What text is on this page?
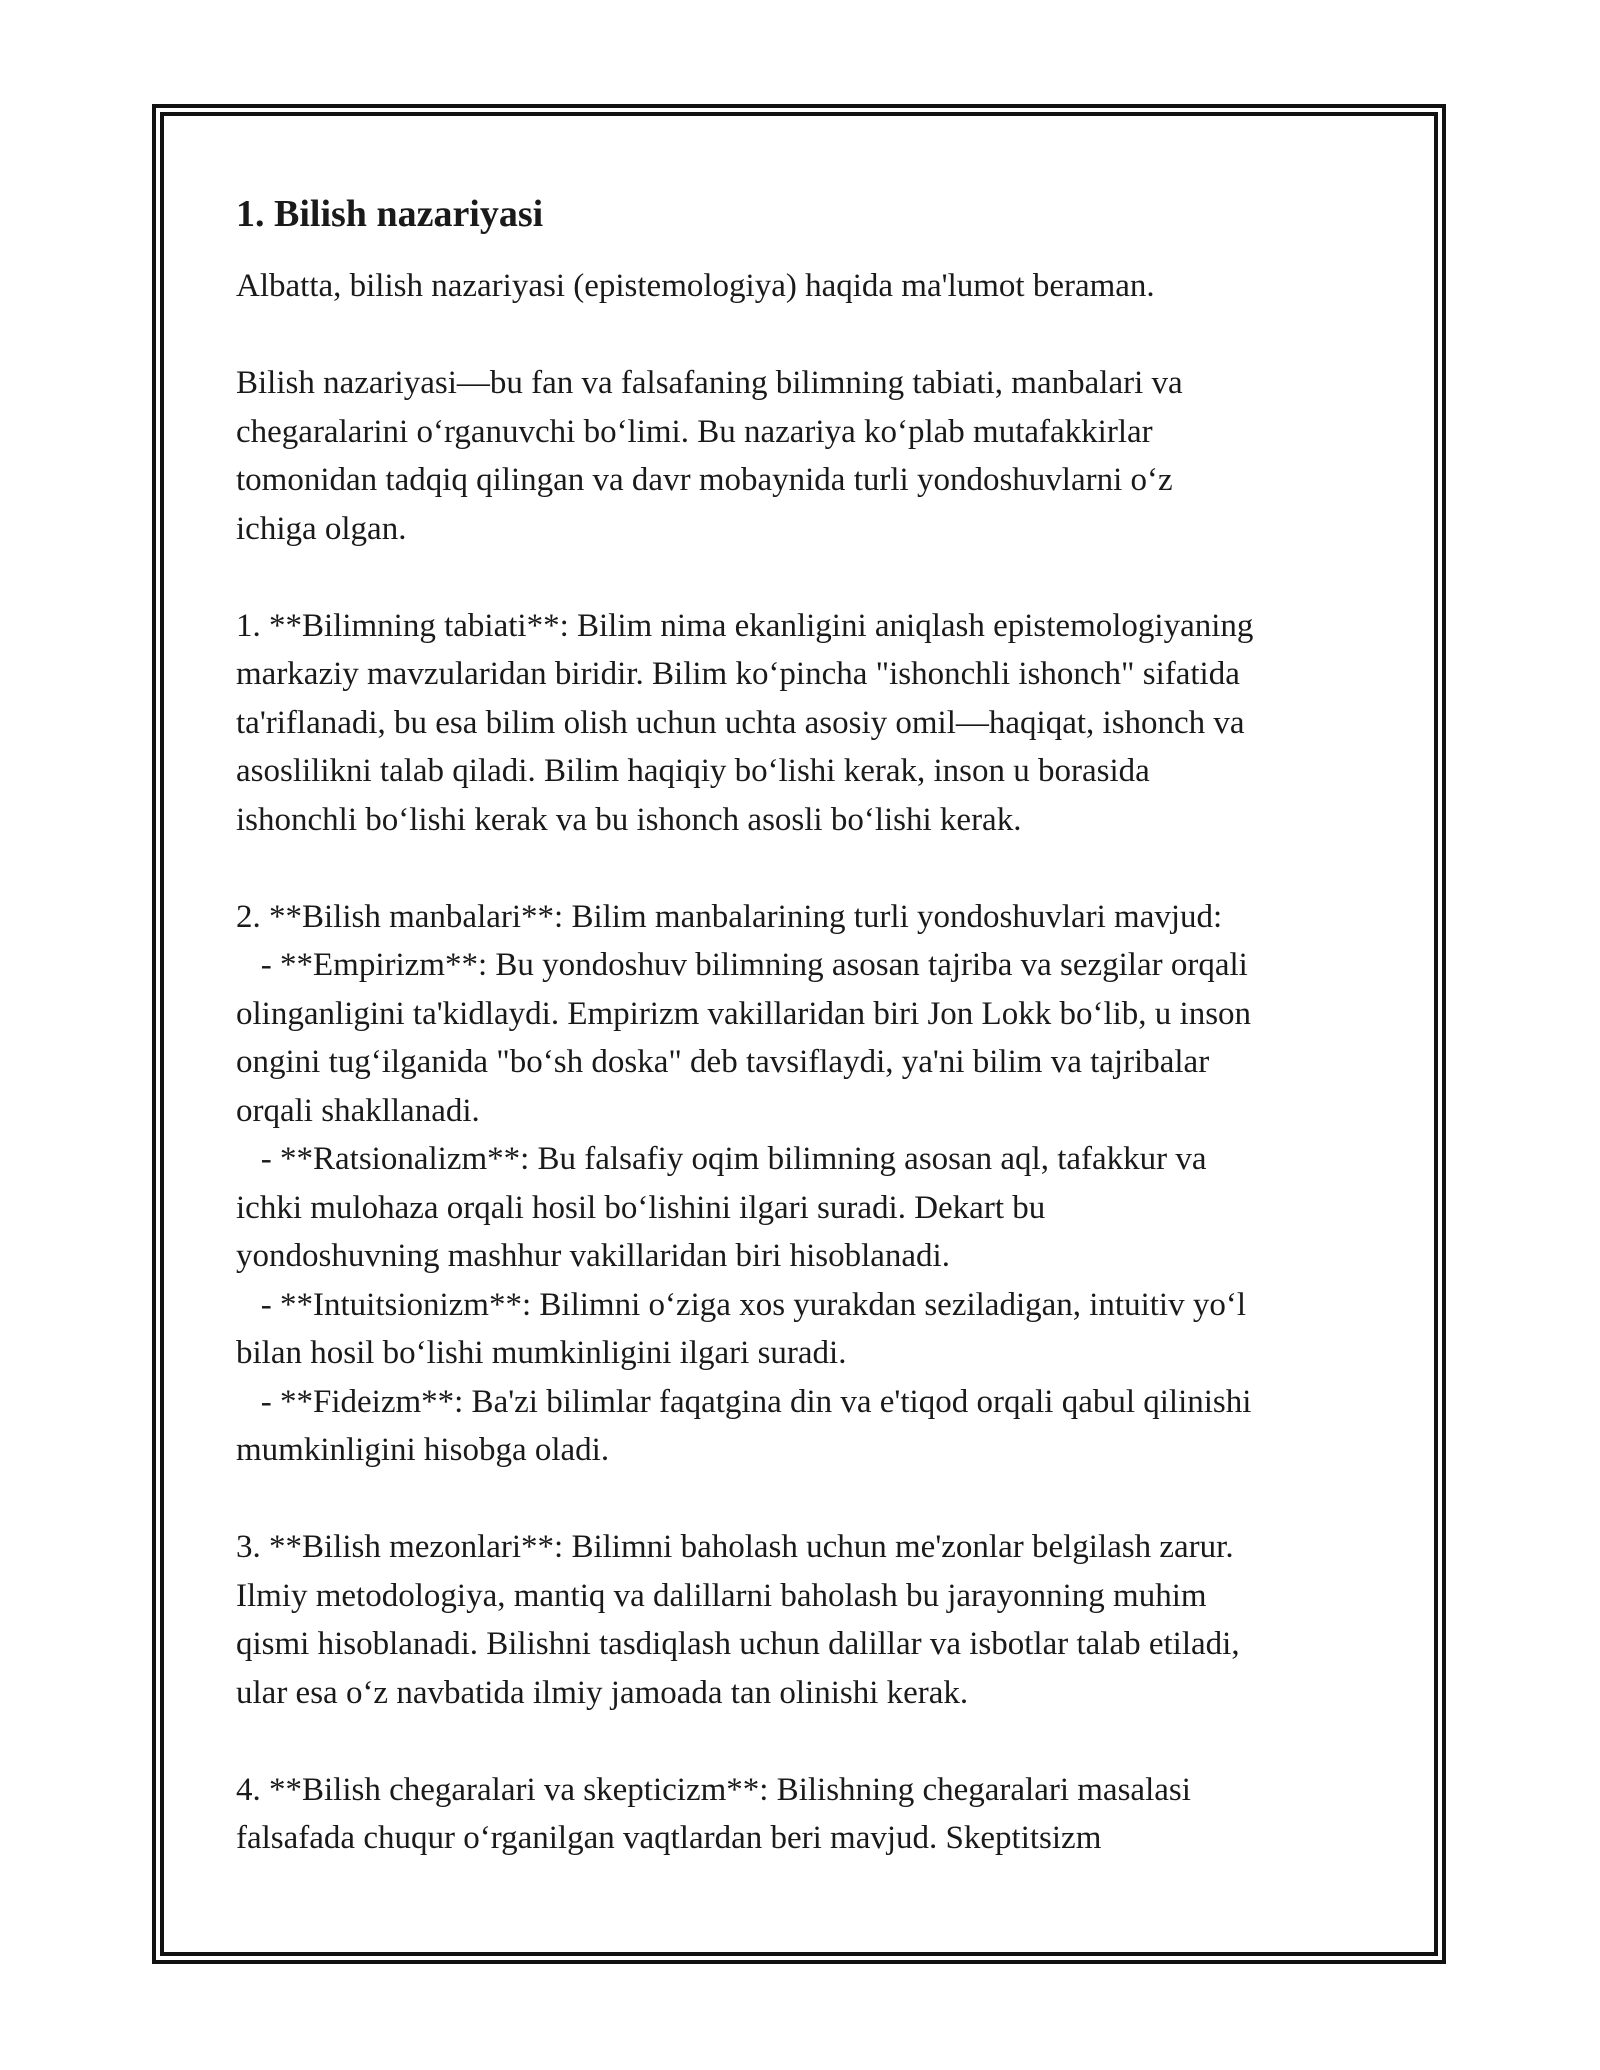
1. Bilish nazariyasi

Albatta, bilish nazariyasi (epistemologiya) haqida ma'lumot beraman.

Bilish nazariyasi—bu fan va falsafaning bilimning tabiati, manbalari va
chegaralarini o‘rganuvchi bo‘limi. Bu nazariya ko‘plab mutafakkirlar
tomonidan tadqiq qilingan va davr mobaynida turli yondoshuvlarni o‘z
ichiga olgan.

1. **Bilimning tabiati**: Bilim nima ekanligini aniqlash epistemologiyaning
markaziy mavzularidan biridir. Bilim ko‘pincha "ishonchli ishonch" sifatida
ta'riflanadi, bu esa bilim olish uchun uchta asosiy omil—haqiqat, ishonch va
asoslilikni talab qiladi. Bilim haqiqiy bo‘lishi kerak, inson u borasida
ishonchli bo‘lishi kerak va bu ishonch asosli bo‘lishi kerak.

2. **Bilish manbalari**: Bilim manbalarining turli yondoshuvlari mavjud:
- **Empirizm**: Bu yondoshuv bilimning asosan tajriba va sezgilar orqali
olinganligini ta'kidlaydi. Empirizm vakillaridan biri Jon Lokk bo‘lib, u inson
ongini tug‘ilganida "bo‘sh doska" deb tavsiflaydi, ya'ni bilim va tajribalar
orqali shakllanadi.
- **Ratsionalizm**: Bu falsafiy oqim bilimning asosan aql, tafakkur va
ichki mulohaza orqali hosil bo‘lishini ilgari suradi. Dekart bu
yondoshuvning mashhur vakillaridan biri hisoblanadi.
- **Intuitsionizm**: Bilimni o‘ziga xos yurakdan seziladigan, intuitiv yo‘l
bilan hosil bo‘lishi mumkinligini ilgari suradi.
- **Fideizm**: Ba'zi bilimlar faqatgina din va e'tiqod orqali qabul qilinishi
mumkinligini hisobga oladi.

3. **Bilish mezonlari**: Bilimni baholash uchun me'zonlar belgilash zarur.
Ilmiy metodologiya, mantiq va dalillarni baholash bu jarayonning muhim
qismi hisoblanadi. Bilishni tasdiqlash uchun dalillar va isbotlar talab etiladi,
ular esa o‘z navbatida ilmiy jamoada tan olinishi kerak.

4. **Bilish chegaralari va skepticizm**: Bilishning chegaralari masalasi
falsafada chuqur o‘rganilgan vaqtlardan beri mavjud. Skeptitsizm
